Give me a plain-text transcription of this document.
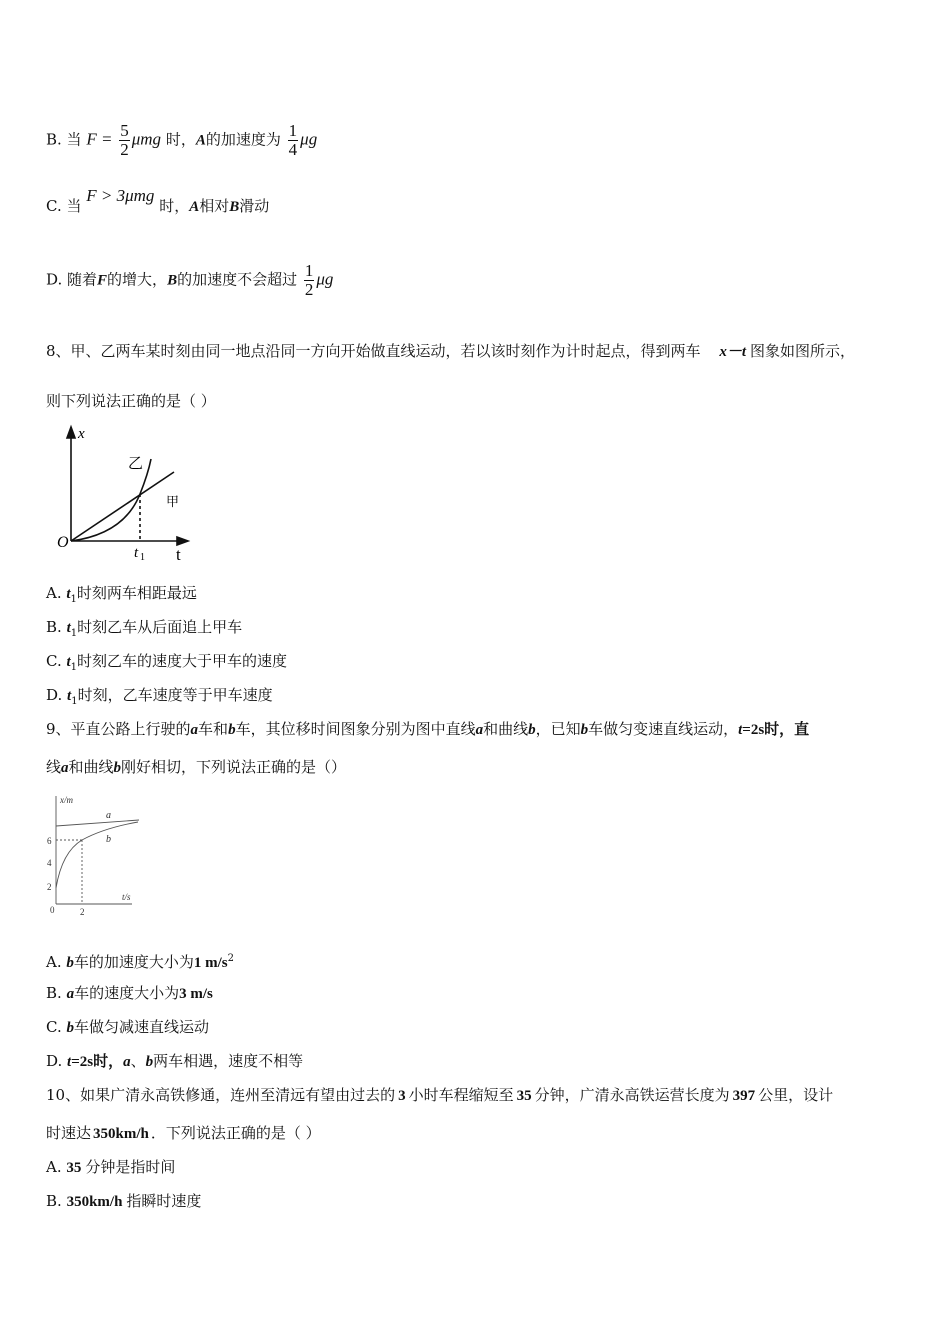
B. 当 $F = \frac{5}{2}$ μmg 时，A的加速度为 $\frac{1}{4}$ μg
C. 当 F > 3μmg 时，A相对B滑动
D. 随着F的增大，B的加速度不会超过 $\frac{1}{2}$ μg
8、甲、乙两车某时刻由同一地点沿同一方向开始做直线运动，若以该时刻作为计时起点，得到两车 x－t 图象如图所示，
则下列说法正确的是（ ）
x
t
O
t 1
乙
甲
A. $t_1$时刻两车相距最远
B. $t_1$时刻乙车从后面追上甲车
C. $t_1$时刻乙车的速度大于甲车的速度
D. $t_1$时刻，乙车速度等于甲车速度
9、平直公路上行驶的a车和b车，其位移时间图象分别为图中直线a和曲线b，已知b车做匀变速直线运动，t=2s时，直
线a和曲线b刚好相切，下列说法正确的是（）
x/m
t/s
0
2
4
6
2
a
b
A. b车的加速度大小为1 $m/s^2$
B. a车的速度大小为3 m/s
C. b车做匀减速直线运动
D. t=2s时，a、b两车相遇，速度不相等
10、如果广清永高铁修通，连州至清远有望由过去的 3 小时车程缩短至 35 分钟，广清永高铁运营长度为 397 公里，设计
时速达 350km/h ．下列说法正确的是（ ）
A. 35 分钟是指时间
B. 350km/h 指瞬时速度
